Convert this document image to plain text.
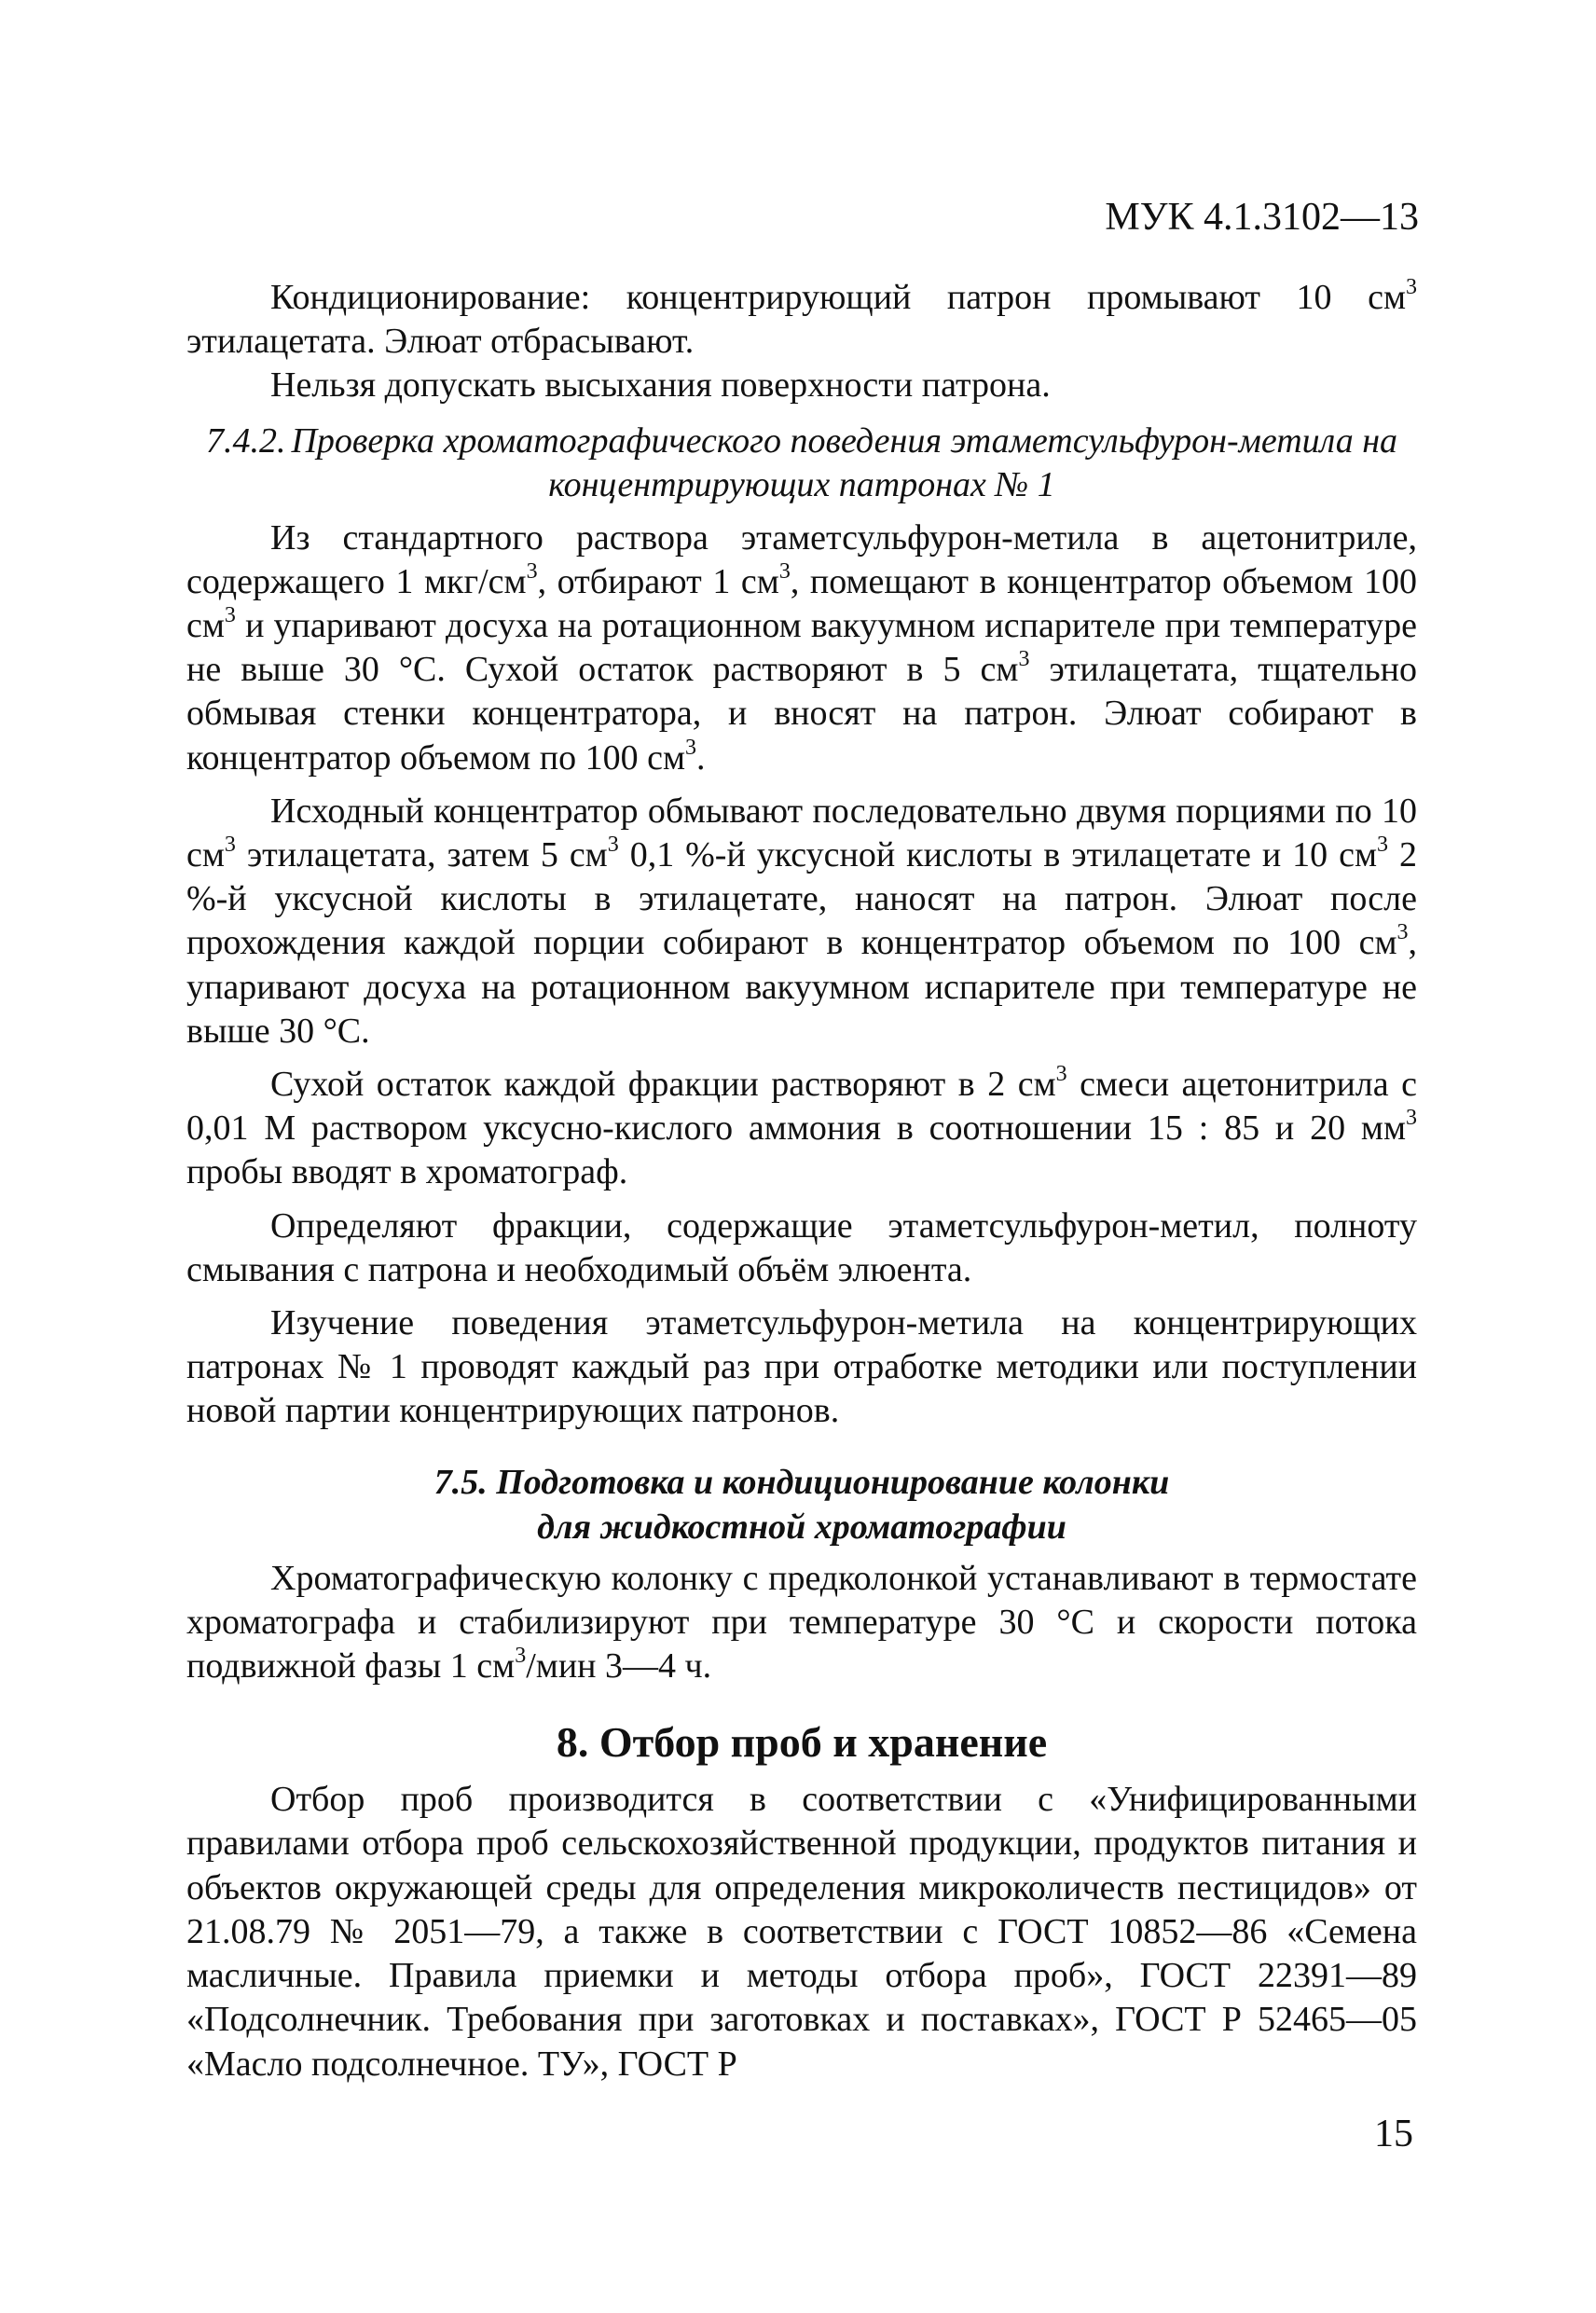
МУК 4.1.3102—13

Кондиционирование: концентрирующий патрон промывают 10 $см^3$ этилацетата. Элюат отбрасывают.

Нельзя допускать высыхания поверхности патрона.

7.4.2. Проверка хроматографического поведения этаметсульфурон-метила на концентрирующих патронах № 1

Из стандартного раствора этаметсульфурон-метила в ацетонитриле, содержащего 1 мкг/$см^3$, отбирают 1 $см^3$, помещают в концентратор объемом 100 $см^3$ и упаривают досуха на ротационном вакуумном испарителе при температуре не выше 30 °С. Сухой остаток растворяют в 5 $см^3$ этилацетата, тщательно обмывая стенки концентратора, и вносят на патрон. Элюат собирают в концентратор объемом по 100 $см^3$.

Исходный концентратор обмывают последовательно двумя порциями по 10 $см^3$ этилацетата, затем 5 $см^3$ 0,1 %-й уксусной кислоты в этилацетате и 10 $см^3$ 2 %-й уксусной кислоты в этилацетате, наносят на патрон. Элюат после прохождения каждой порции собирают в концентратор объемом по 100 $см^3$, упаривают досуха на ротационном вакуумном испарителе при температуре не выше 30 °С.

Сухой остаток каждой фракции растворяют в 2 $см^3$ смеси ацетонитрила с 0,01 М раствором уксусно-кислого аммония в соотношении 15 : 85 и 20 $мм^3$ пробы вводят в хроматограф.

Определяют фракции, содержащие этаметсульфурон-метил, полноту смывания с патрона и необходимый объём элюента.

Изучение поведения этаметсульфурон-метила на концентрирующих патронах № 1 проводят каждый раз при отработке методики или поступлении новой партии концентрирующих патронов.

7.5. Подготовка и кондиционирование колонки
для жидкостной хроматографии

Хроматографическую колонку с предколонкой устанавливают в термостате хроматографа и стабилизируют при температуре 30 °С и скорости потока подвижной фазы 1 $см^3$/мин 3—4 ч.

8. Отбор проб и хранение

Отбор проб производится в соответствии с «Унифицированными правилами отбора проб сельскохозяйственной продукции, продуктов питания и объектов окружающей среды для определения микроколичеств пестицидов» от 21.08.79 № 2051—79, а также в соответствии с ГОСТ 10852—86 «Семена масличные. Правила приемки и методы отбора проб», ГОСТ 22391—89 «Подсолнечник. Требования при заготовках и поставках», ГОСТ Р 52465—05 «Масло подсолнечное. ТУ», ГОСТ Р

15
